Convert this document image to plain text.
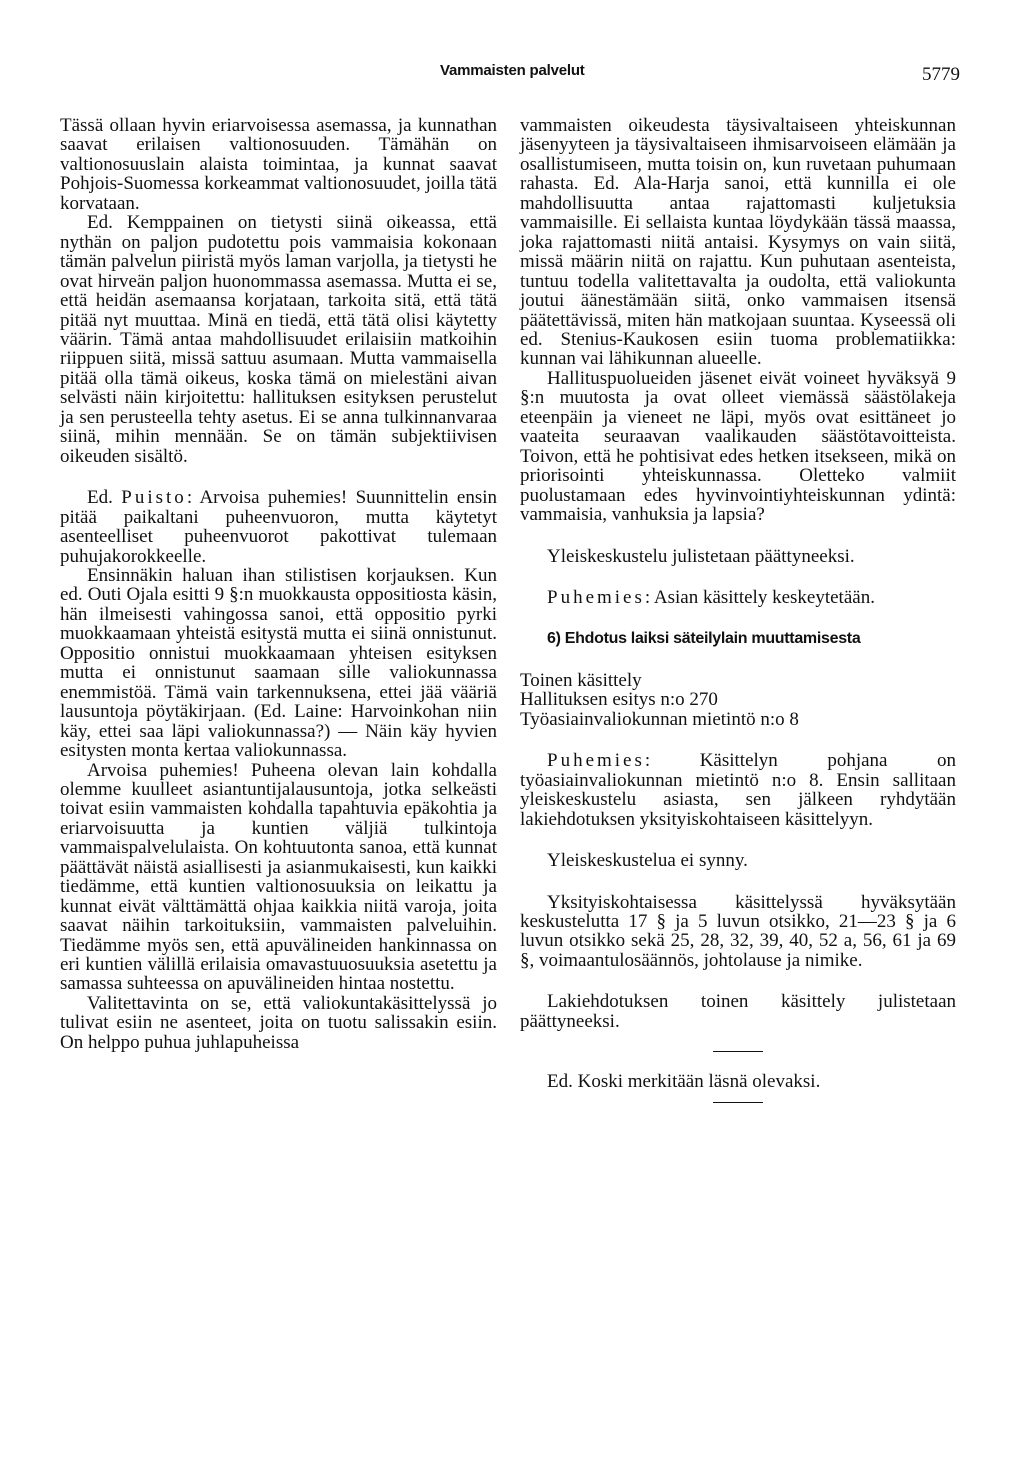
Vammaisten palvelut	5779

Tässä ollaan hyvin eriarvoisessa asemassa, ja kunnathan saavat erilaisen valtionosuuden. Tämähän on valtionosuuslain alaista toimintaa, ja kunnat saavat Pohjois-Suomessa korkeammat valtionosuudet, joilla tätä korvataan.

Ed. Kemppainen on tietysti siinä oikeassa, että nythän on paljon pudotettu pois vammaisia kokonaan tämän palvelun piiristä myös laman varjolla, ja tietysti he ovat hirveän paljon huonommassa asemassa. Mutta ei se, että heidän asemaansa korjataan, tarkoita sitä, että tätä pitää nyt muuttaa. Minä en tiedä, että tätä olisi käytetty väärin. Tämä antaa mahdollisuudet erilaisiin matkoihin riippuen siitä, missä sattuu asumaan. Mutta vammaisella pitää olla tämä oikeus, koska tämä on mielestäni aivan selvästi näin kirjoitettu: hallituksen esityksen perustelut ja sen perusteella tehty asetus. Ei se anna tulkinnanvaraa siinä, mihin mennään. Se on tämän subjektiivisen oikeuden sisältö.

Ed. Puisto: Arvoisa puhemies! Suunnittelin ensin pitää paikaltani puheenvuoron, mutta käytetyt asenteelliset puheenvuorot pakottivat tulemaan puhujakorokkeelle.

Ensinnäkin haluan ihan stilistisen korjauksen. Kun ed. Outi Ojala esitti 9 §:n muokkausta oppositiosta käsin, hän ilmeisesti vahingossa sanoi, että oppositio pyrki muokkaamaan yhteistä esitystä mutta ei siinä onnistunut. Oppositio onnistui muokkaamaan yhteisen esityksen mutta ei onnistunut saamaan sille valiokunnassa enemmistöä. Tämä vain tarkennuksena, ettei jää vääriä lausuntoja pöytäkirjaan. (Ed. Laine: Harvoinkohan niin käy, ettei saa läpi valiokunnassa?) — Näin käy hyvien esitysten monta kertaa valiokunnassa.

Arvoisa puhemies! Puheena olevan lain kohdalla olemme kuulleet asiantuntijalausuntoja, jotka selkeästi toivat esiin vammaisten kohdalla tapahtuvia epäkohtia ja eriarvoisuutta ja kuntien väljiä tulkintoja vammaispalvelulaista. On kohtuutonta sanoa, että kunnat päättävät näistä asiallisesti ja asianmukaisesti, kun kaikki tiedämme, että kuntien valtionosuuksia on leikattu ja kunnat eivät välttämättä ohjaa kaikkia niitä varoja, joita saavat näihin tarkoituksiin, vammaisten palveluihin. Tiedämme myös sen, että apuvälineiden hankinnassa on eri kuntien välillä erilaisia omavastuuosuuksia asetettu ja samassa suhteessa on apuvälineiden hintaa nostettu.

Valitettavinta on se, että valiokuntakäsittelyssä jo tulivat esiin ne asenteet, joita on tuotu salissakin esiin. On helppo puhua juhlapuheissa

vammaisten oikeudesta täysivaltaiseen yhteiskunnan jäsenyyteen ja täysivaltaiseen ihmisarvoiseen elämään ja osallistumiseen, mutta toisin on, kun ruvetaan puhumaan rahasta. Ed. Ala-Harja sanoi, että kunnilla ei ole mahdollisuutta antaa rajattomasti kuljetuksia vammaisille. Ei sellaista kuntaa löydykään tässä maassa, joka rajattomasti niitä antaisi. Kysymys on vain siitä, missä määrin niitä on rajattu. Kun puhutaan asenteista, tuntuu todella valitettavalta ja oudolta, että valiokunta joutui äänestämään siitä, onko vammaisen itsensä päätettävissä, miten hän matkojaan suuntaa. Kyseessä oli ed. Stenius-Kaukosen esiin tuoma problematiikka: kunnan vai lähikunnan alueelle.

Hallituspuolueiden jäsenet eivät voineet hyväksyä 9 §:n muutosta ja ovat olleet viemässä säästölakeja eteenpäin ja vieneet ne läpi, myös ovat esittäneet jo vaateita seuraavan vaalikauden säästötavoitteista. Toivon, että he pohtisivat edes hetken itsekseen, mikä on priorisointi yhteiskunnassa. Oletteko valmiit puolustamaan edes hyvinvointiyhteiskunnan ydintä: vammaisia, vanhuksia ja lapsia?

Yleiskeskustelu julistetaan päättyneeksi.

Puhemies: Asian käsittely keskeytetään.

6) Ehdotus laiksi säteilylain muuttamisesta

Toinen käsittely

Hallituksen esitys n:o 270

Työasiainvaliokunnan mietintö n:o 8

Puhemies: Käsittelyn pohjana on työasiainvaliokunnan mietintö n:o 8. Ensin sallitaan yleiskeskustelu asiasta, sen jälkeen ryhdytään lakiehdotuksen yksityiskohtaiseen käsittelyyn.

Yleiskeskustelua ei synny.

Yksityiskohtaisessa käsittelyssä hyväksytään keskustelutta 17 § ja 5 luvun otsikko, 21—23 § ja 6 luvun otsikko sekä 25, 28, 32, 39, 40, 52 a, 56, 61 ja 69 §, voimaantulosäännös, johtolause ja nimike.

Lakiehdotuksen toinen käsittely julistetaan päättyneeksi.

Ed. Koski merkitään läsnä olevaksi.
